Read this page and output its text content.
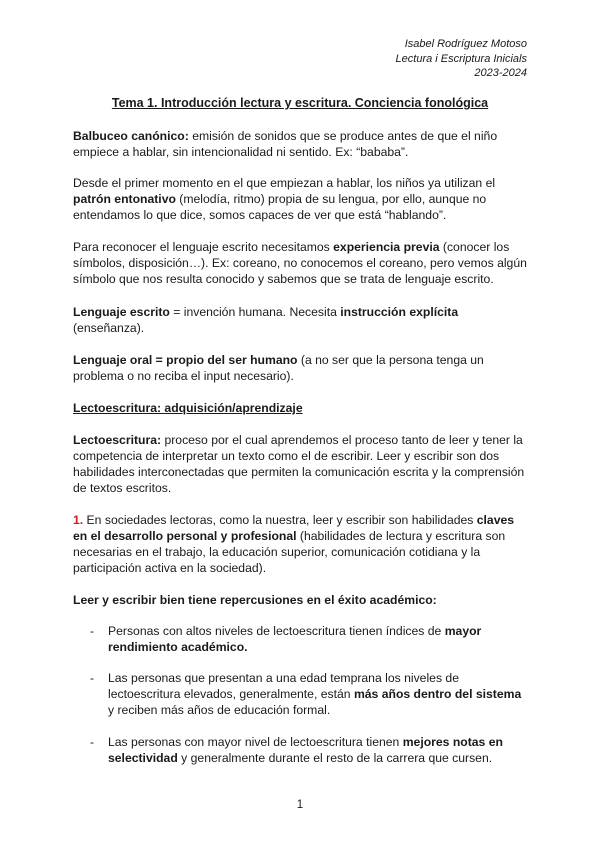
Isabel Rodríguez Motoso
Lectura i Escriptura Inicials
2023-2024
Tema 1. Introducción lectura y escritura. Conciencia fonológica

Balbuceo canónico: emisión de sonidos que se produce antes de que el niño empiece a hablar, sin intencionalidad ni sentido. Ex: “bababa”.

Desde el primer momento en el que empiezan a hablar, los niños ya utilizan el patrón entonativo (melodía, ritmo) propia de su lengua, por ello, aunque no entendamos lo que dice, somos capaces de ver que está “hablando”.

Para reconocer el lenguaje escrito necesitamos experiencia previa (conocer los símbolos, disposición…). Ex: coreano, no conocemos el coreano, pero vemos algún símbolo que nos resulta conocido y sabemos que se trata de lenguaje escrito.

Lenguaje escrito = invención humana. Necesita instrucción explícita (enseñanza).

Lenguaje oral = propio del ser humano (a no ser que la persona tenga un problema o no reciba el input necesario).

Lectoescritura: adquisición/aprendizaje

Lectoescritura: proceso por el cual aprendemos el proceso tanto de leer y tener la competencia de interpretar un texto como el de escribir. Leer y escribir son dos habilidades interconectadas que permiten la comunicación escrita y la comprensión de textos escritos.

1. En sociedades lectoras, como la nuestra, leer y escribir son habilidades claves en el desarrollo personal y profesional (habilidades de lectura y escritura son necesarias en el trabajo, la educación superior, comunicación cotidiana y la participación activa en la sociedad).

Leer y escribir bien tiene repercusiones en el éxito académico:

- Personas con altos niveles de lectoescritura tienen índices de mayor rendimiento académico.
- Las personas que presentan a una edad temprana los niveles de lectoescritura elevados, generalmente, están más años dentro del sistema y reciben más años de educación formal.
- Las personas con mayor nivel de lectoescritura tienen mejores notas en selectividad y generalmente durante el resto de la carrera que cursen.
1
